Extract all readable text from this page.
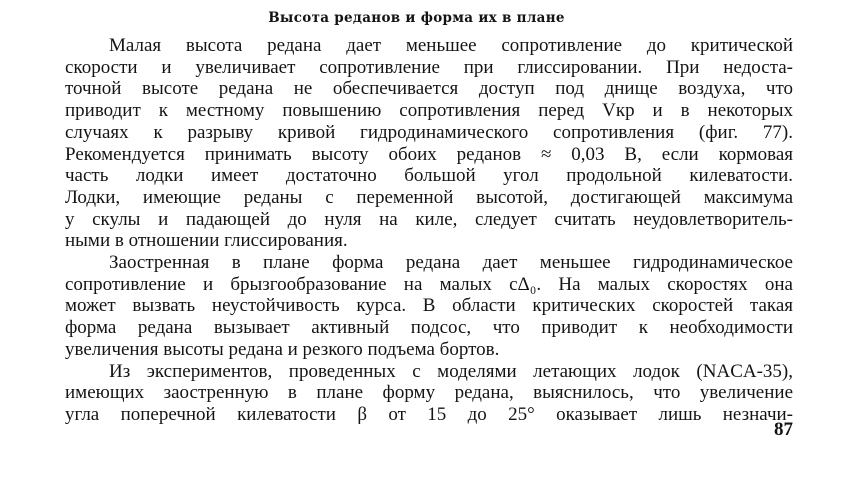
Высота реданов и форма их в плане
Малая высота редана дает меньшее сопротивление до критической
скорости и увеличивает сопротивление при глиссировании. При недоста-
точной высоте редана не обеспечивается доступ под днище воздуха, что
приводит к местному повышению сопротивления перед Vкр и в некоторых
случаях к разрыву кривой гидродинамического сопротивления (фиг. 77).
Рекомендуется принимать высоту обоих реданов ≈ 0,03 B, если кормовая
часть лодки имеет достаточно большой угол продольной килеватости.
Лодки, имеющие реданы с переменной высотой, достигающей максимума
у скулы и падающей до нуля на киле, следует считать неудовлетворитель-
ными в отношении глиссирования.
Заостренная в плане форма редана дает меньшее гидродинамическое
сопротивление и брызгообразование на малых cΔ₀. На малых скоростях она
может вызвать неустойчивость курса. В области критических скоростей такая
форма редана вызывает активный подсос, что приводит к необходимости
увеличения высоты редана и резкого подъема бортов.
Из экспериментов, проведенных с моделями летающих лодок (NACA-35),
имеющих заостренную в плане форму редана, выяснилось, что увеличение
угла поперечной килеватости β от 15 до 25° оказывает лишь незначи-
87
